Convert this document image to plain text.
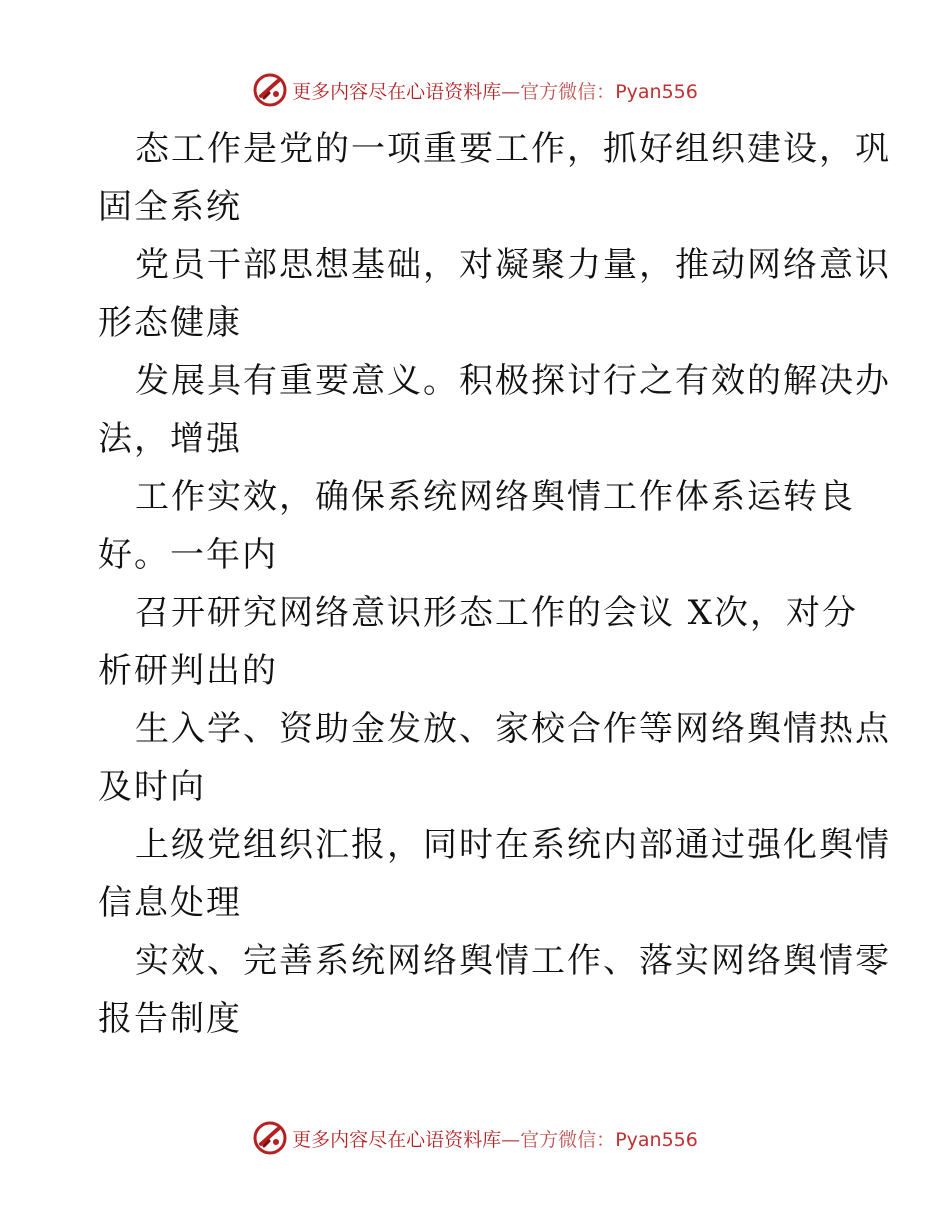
更多内容尽在心语资料库—官方微信：Pyan556
态工作是党的一项重要工作，抓好组织建设，巩
固全系统
党员干部思想基础，对凝聚力量，推动网络意识
形态健康
发展具有重要意义。积极探讨行之有效的解决办
法，增强
工作实效，确保系统网络舆情工作体系运转良
好。一年内
召开研究网络意识形态工作的会议 X次，对分
析研判出的
生入学、资助金发放、家校合作等网络舆情热点
及时向
上级党组织汇报，同时在系统内部通过强化舆情
信息处理
实效、完善系统网络舆情工作、落实网络舆情零
报告制度
更多内容尽在心语资料库—官方微信：Pyan556
